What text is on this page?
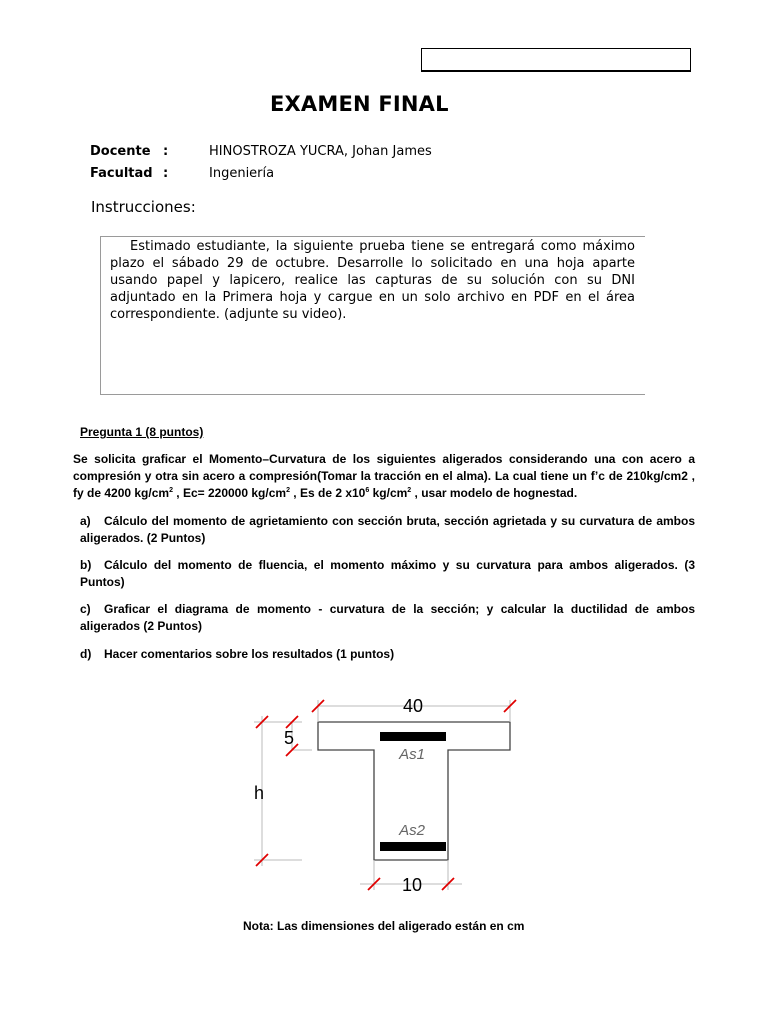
EXAMEN FINAL
Docente :	HINOSTROZA YUCRA, Johan James
Facultad :	Ingeniería
Instrucciones:
Estimado estudiante, la siguiente prueba tiene se entregará como máximo plazo el sábado 29 de octubre. Desarrolle lo solicitado en una hoja aparte usando papel y lapicero, realice las capturas de su solución con su DNI adjuntado en la Primera hoja y cargue en un solo archivo en PDF en el área correspondiente. (adjunte su video).
Pregunta 1 (8 puntos)
Se solicita graficar el Momento–Curvatura de los siguientes aligerados considerando una con acero a compresión y otra sin acero a compresión(Tomar la tracción en el alma). La cual tiene un f’c de 210kg/cm2 , fy de 4200 $kg/cm^2$ , Ec= 220000 $kg/cm^2$ , Es de 2 $x10^6$ $kg/cm^2$ , usar modelo de hognestad.
a) Cálculo del momento de agrietamiento con sección bruta, sección agrietada y su curvatura de ambos aligerados. (2 Puntos)
b) Cálculo del momento de fluencia, el momento máximo y su curvatura para ambos aligerados. (3 Puntos)
c) Graficar el diagrama de momento - curvatura de la sección; y calcular la ductilidad de ambos aligerados (2 Puntos)
d) Hacer comentarios sobre los resultados (1 puntos)
40
5
h
As1
As2
10
Nota: Las dimensiones del aligerado están en cm
